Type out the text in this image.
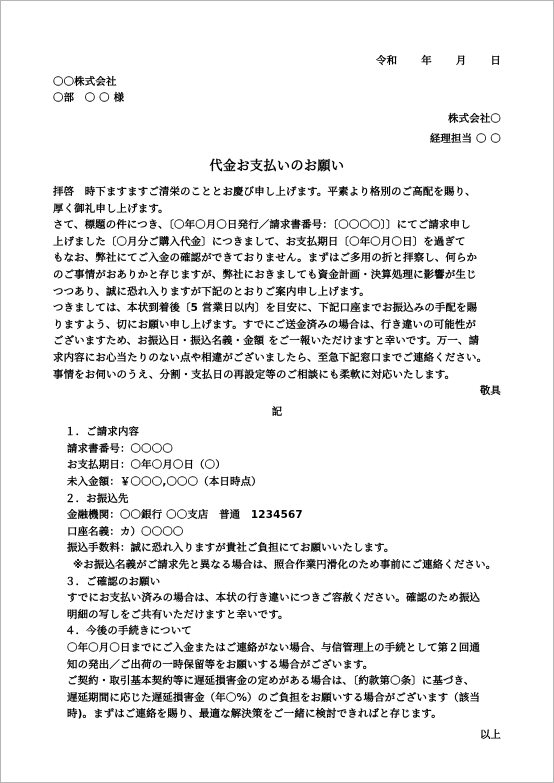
令和 年 月 日
〇〇株式会社
〇部　〇 〇 様
株式会社〇
経理担当 〇 〇
代金お支払いのお願い
拝啓　時下ますますご清栄のこととお慶び申し上げます。平素より格別のご高配を賜り、
厚く御礼申し上げます。
さて、標題の件につき、〔〇年〇月〇日発行／請求書番号：〔〇〇〇〇〕〕にてご請求申し
上げました〔〇月分ご購入代金〕につきまして、お支払期日〔〇年〇月〇日〕を過ぎて
もなお、弊社にてご入金の確認ができておりません。まずはご多用の折と拝察し、何らか
のご事情がおありかと存じますが、弊社におきましても資金計画・決算処理に影響が生じ
つつあり、誠に恐れ入りますが下記のとおりご案内申し上げます。
つきましては、本状到着後〔5 営業日以内〕を目安に、下記口座までお振込みの手配を賜
りますよう、切にお願い申し上げます。すでにご送金済みの場合は、行き違いの可能性が
ございますため、お振込日・振込名義・金額 をご一報いただけますと幸いです。万一、請
求内容にお心当たりのない点や相違がございましたら、至急下記窓口までご連絡ください。
事情をお伺いのうえ、分割・支払日の再設定等のご相談にも柔軟に対応いたします。
敬具
記
１．ご請求内容
請求書番号：〇〇〇〇
お支払期日：〇年〇月〇日（〇）
未入金額：￥〇〇〇,〇〇〇（本日時点）
２．お振込先
金融機関：〇〇銀行 〇〇支店　普通　1234567
口座名義：カ）〇〇〇〇
振込手数料：誠に恐れ入りますが貴社ご負担にてお願いいたします。
※お振込名義がご請求先と異なる場合は、照合作業円滑化のため事前にご連絡ください。
３．ご確認のお願い
すでにお支払い済みの場合は、本状の行き違いにつきご容赦ください。確認のため振込
明細の写しをご共有いただけますと幸いです。
４．今後の手続きについて
〇年〇月〇日までにご入金またはご連絡がない場合、与信管理上の手続として第２回通
知の発出／ご出荷の一時保留等をお願いする場合がございます。
ご契約・取引基本契約等に遅延損害金の定めがある場合は、〔約款第〇条〕に基づき、
遅延期間に応じた遅延損害金（年〇%）のご負担をお願いする場合がございます（該当
時)。まずはご連絡を賜り、最適な解決策をご一緒に検討できればと存じます。
以上
